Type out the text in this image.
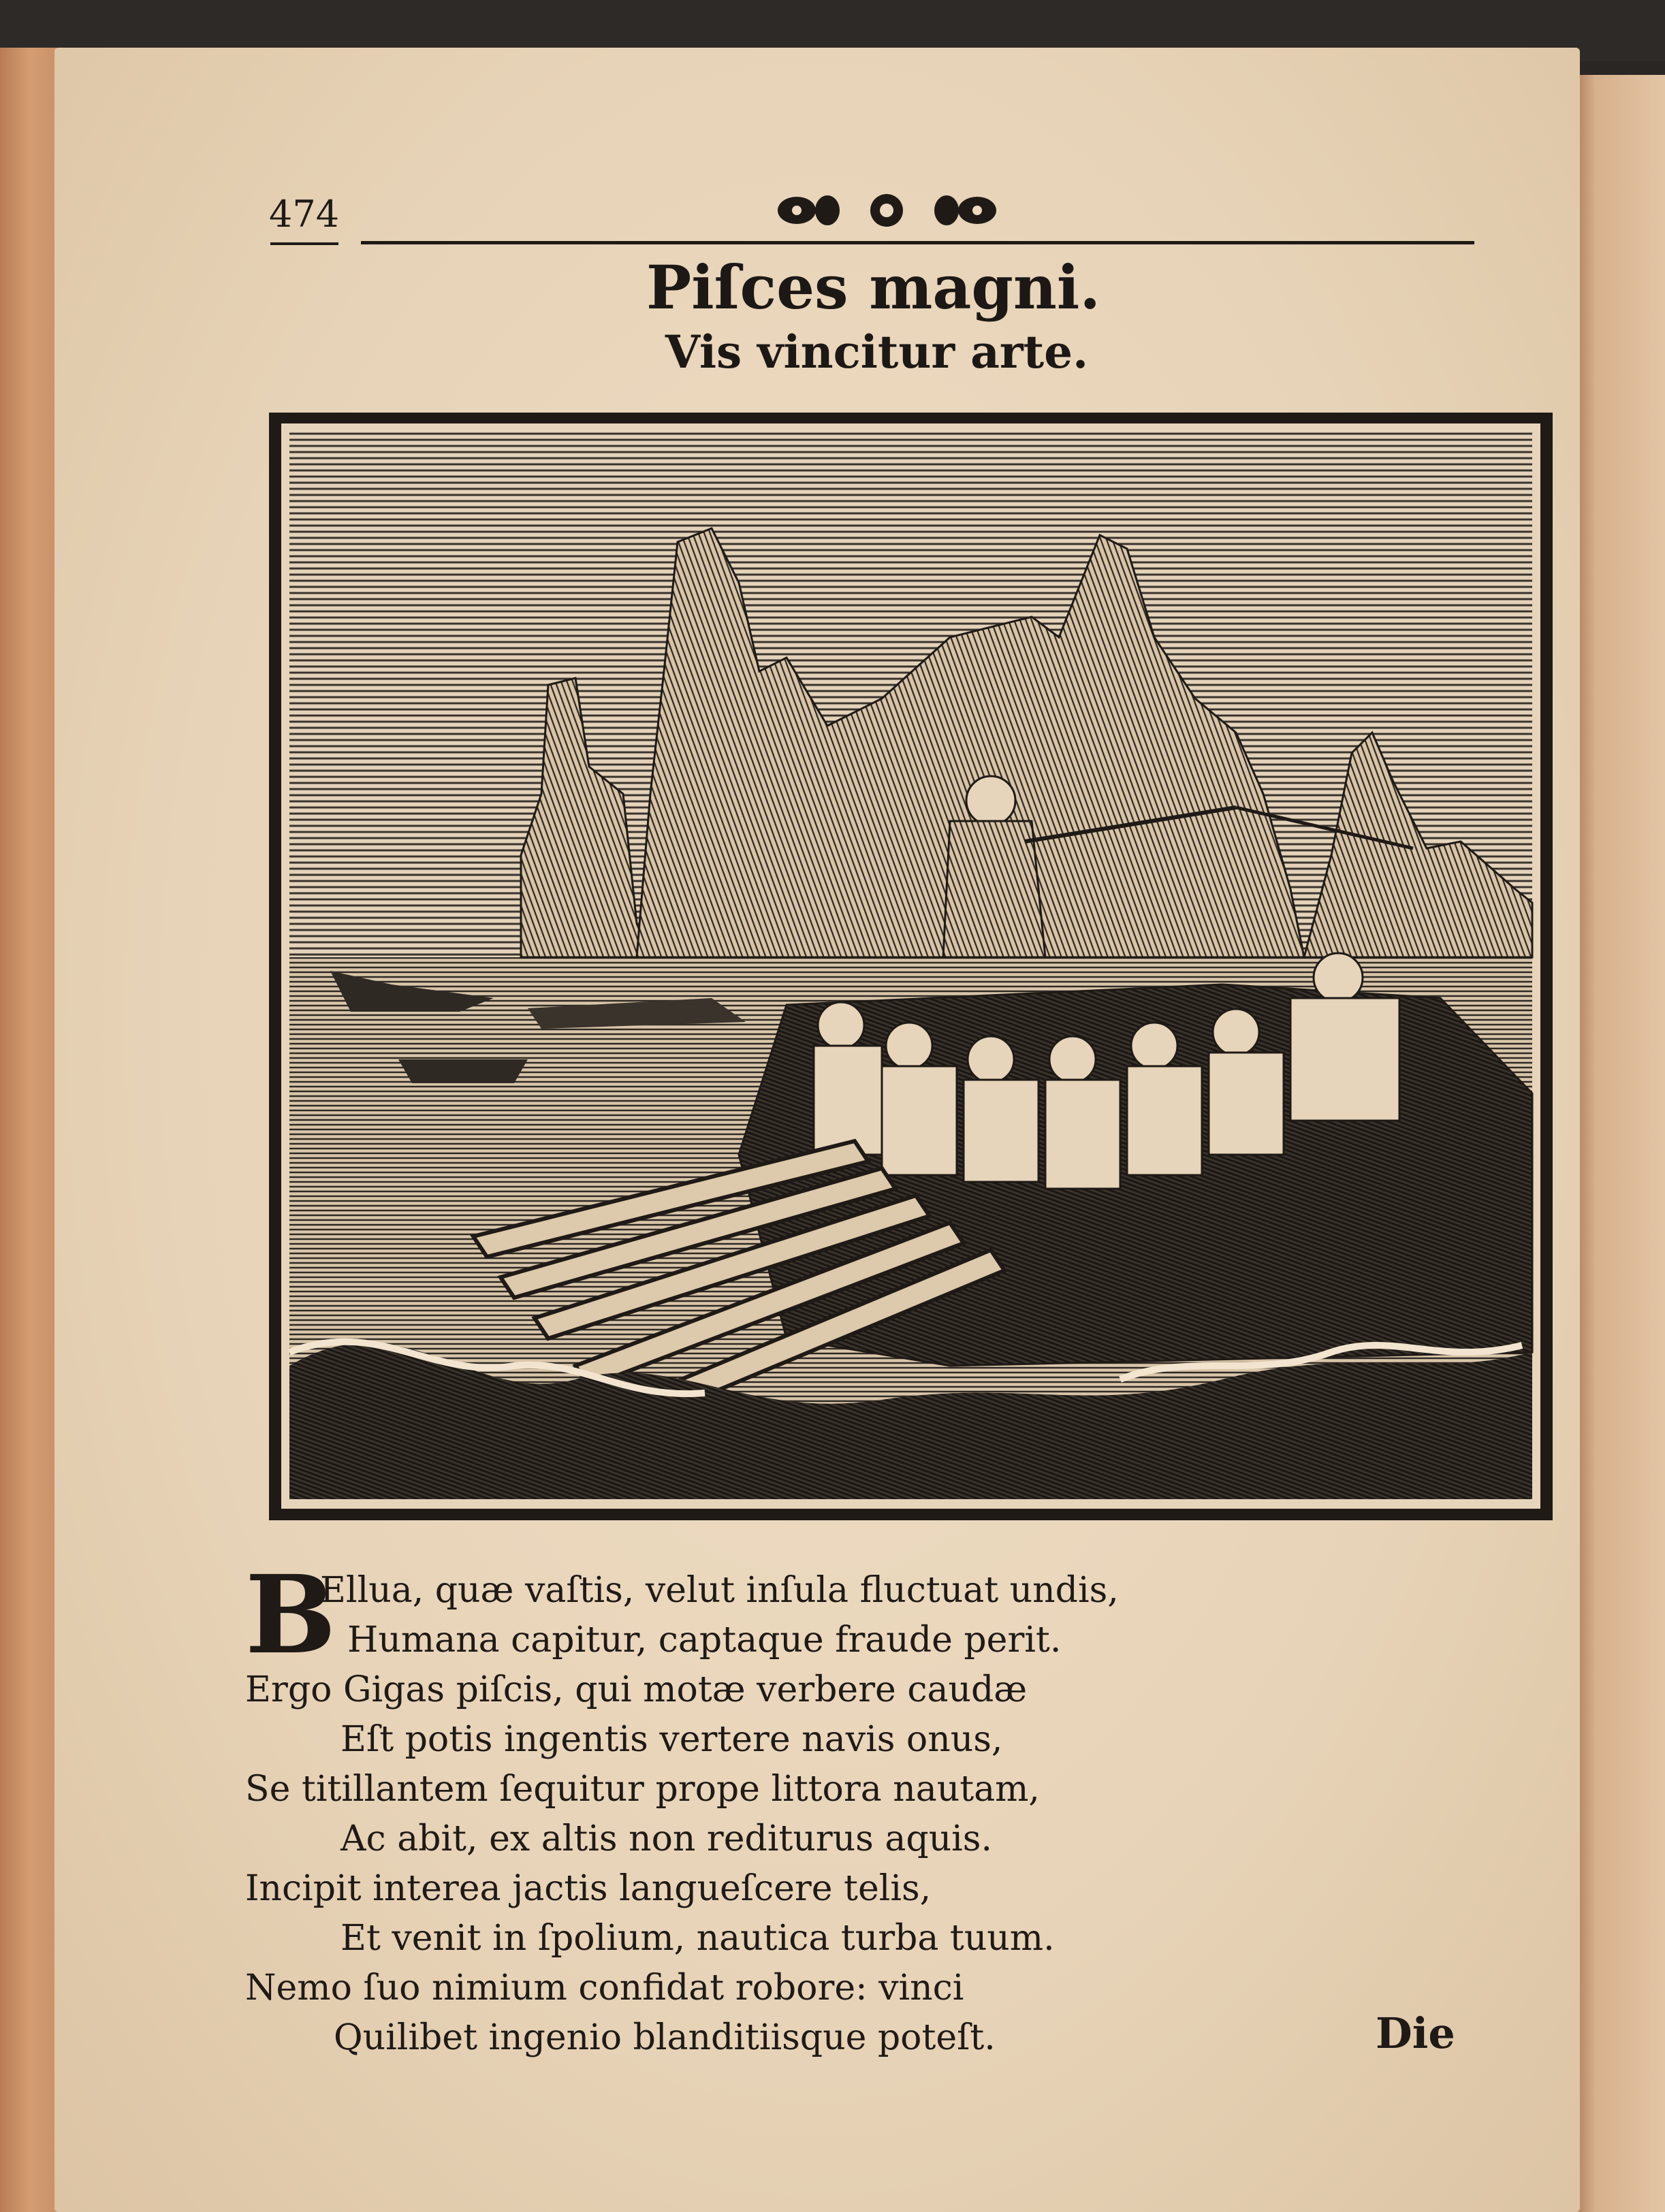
474
Piſces magni.
Vis vincitur arte.
B
Ellua, quæ vaſtis, velut inſula fluctuat undis,
Humana capitur, captaque fraude perit.
Ergo Gigas piſcis, qui motæ verbere caudæ
Eſt potis ingentis vertere navis onus,
Se titillantem ſequitur prope littora nautam,
Ac abit, ex altis non rediturus aquis.
Incipit interea jactis langueſcere telis,
Et venit in ſpolium, nautica turba tuum.
Nemo ſuo nimium confidat robore: vinci
Quilibet ingenio blanditiisque poteſt.	Die
